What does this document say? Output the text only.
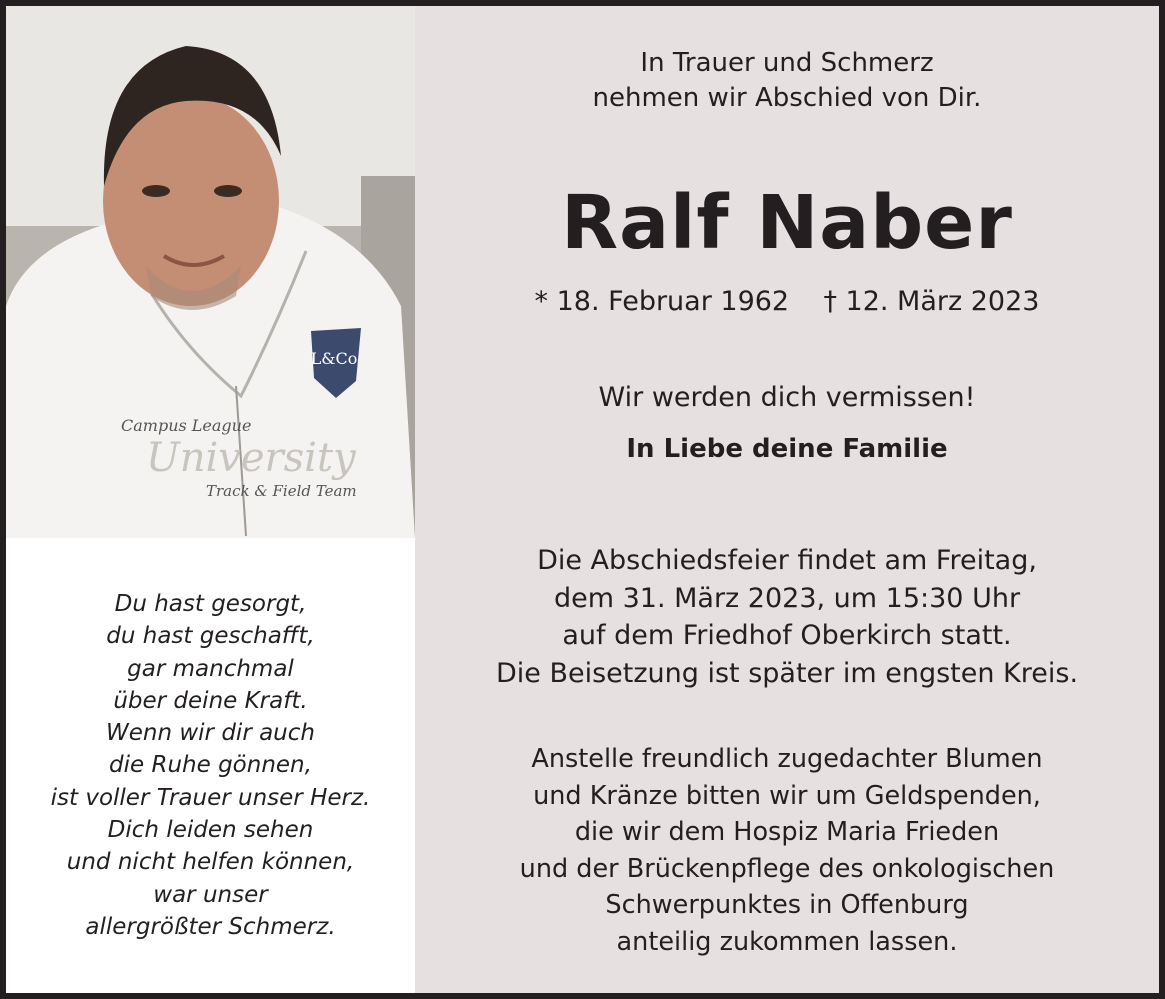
L&Co
Campus League
University
Track & Field Team
Du hast gesorgt,
du hast geschafft,
gar manchmal
über deine Kraft.
Wenn wir dir auch
die Ruhe gönnen,
ist voller Trauer unser Herz.
Dich leiden sehen
und nicht helfen können,
war unser
allergrößter Schmerz.
In Trauer und Schmerz
nehmen wir Abschied von Dir.
Ralf Naber
* 18. Februar 1962    † 12. März 2023
Wir werden dich vermissen!
In Liebe deine Familie
Die Abschiedsfeier findet am Freitag,
dem 31. März 2023, um 15:30 Uhr
auf dem Friedhof Oberkirch statt.
Die Beisetzung ist später im engsten Kreis.
Anstelle freundlich zugedachter Blumen
und Kränze bitten wir um Geldspenden,
die wir dem Hospiz Maria Frieden
und der Brückenpflege des onkologischen
Schwerpunktes in Offenburg
anteilig zukommen lassen.
